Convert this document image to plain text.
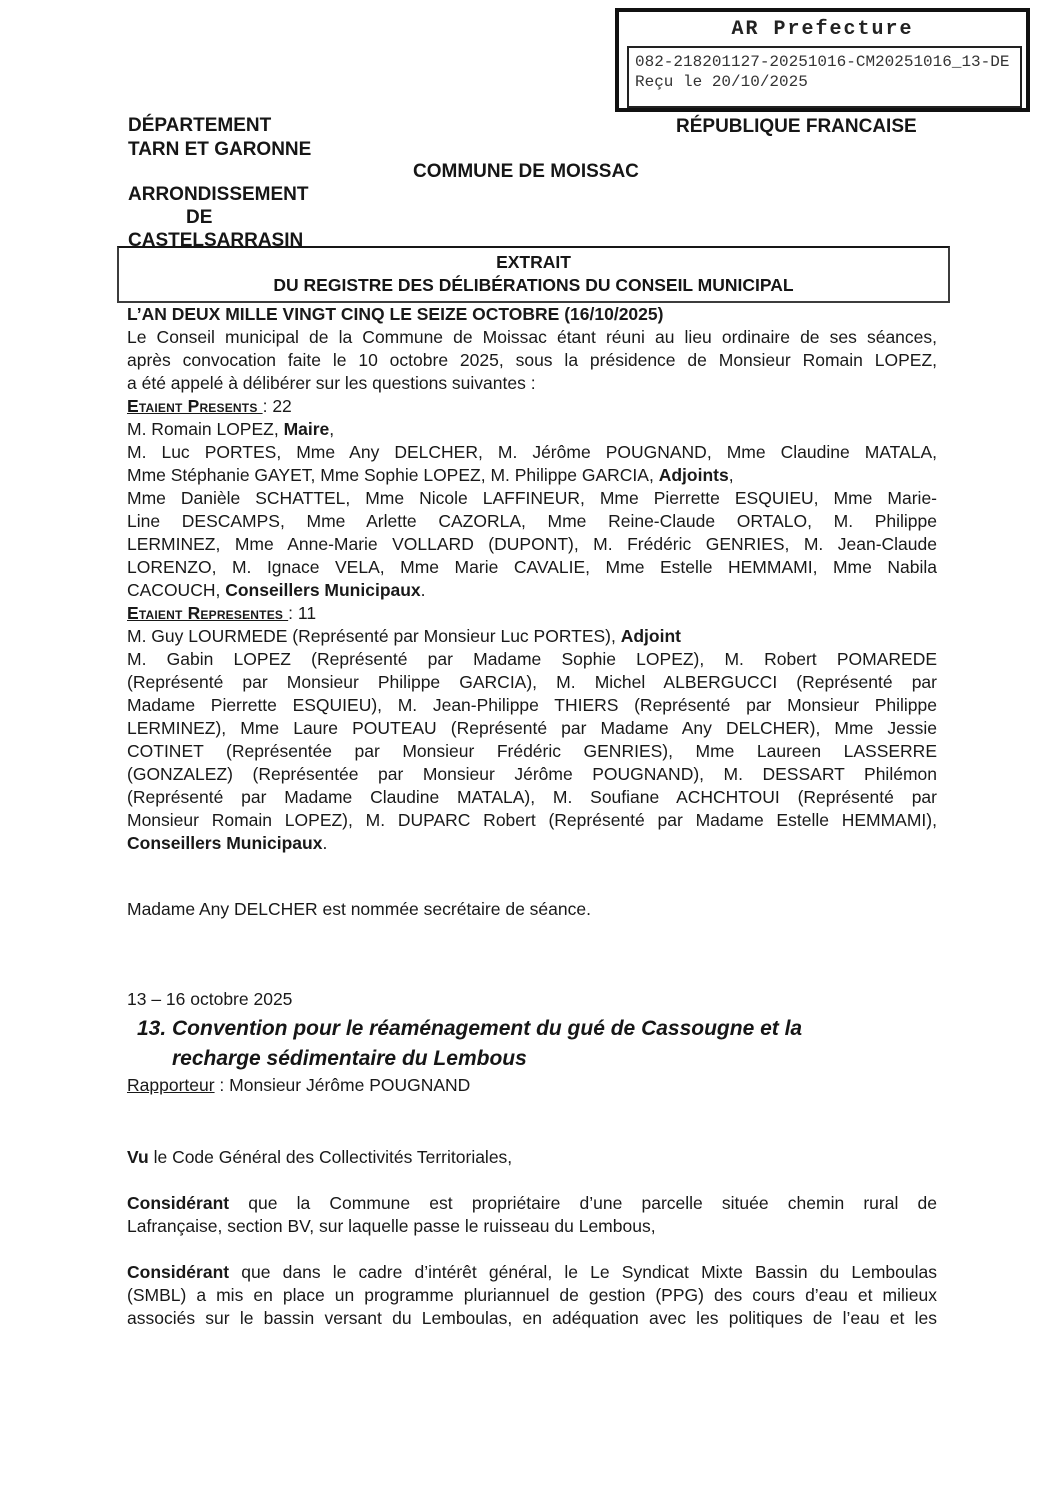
AR Prefecture
082-218201127-20251016-CM20251016_13-DE
Reçu le 20/10/2025
DÉPARTEMENT
TARN ET GARONNE
RÉPUBLIQUE FRANCAISE
COMMUNE DE MOISSAC
ARRONDISSEMENT
DE
CASTELSARRASIN
EXTRAIT
DU REGISTRE DES DÉLIBÉRATIONS DU CONSEIL MUNICIPAL
L’AN DEUX MILLE VINGT CINQ LE SEIZE OCTOBRE (16/10/2025)
Le Conseil municipal de la Commune de Moissac étant réuni au lieu ordinaire de ses séances,
après convocation faite le 10 octobre 2025, sous la présidence de Monsieur Romain LOPEZ,
a été appelé à délibérer sur les questions suivantes :
Etaient Presents : 22
M. Romain LOPEZ, Maire,
M. Luc PORTES, Mme Any DELCHER, M. Jérôme POUGNAND, Mme Claudine MATALA,
Mme Stéphanie GAYET, Mme Sophie LOPEZ, M. Philippe GARCIA, Adjoints,
Mme Danièle SCHATTEL, Mme Nicole LAFFINEUR, Mme Pierrette ESQUIEU, Mme Marie-
Line DESCAMPS, Mme Arlette CAZORLA, Mme Reine-Claude ORTALO, M. Philippe
LERMINEZ, Mme Anne-Marie VOLLARD (DUPONT), M. Frédéric GENRIES, M. Jean-Claude
LORENZO, M. Ignace VELA, Mme Marie CAVALIE, Mme Estelle HEMMAMI, Mme Nabila
CACOUCH, Conseillers Municipaux.
Etaient Representes : 11
M. Guy LOURMEDE (Représenté par Monsieur Luc PORTES), Adjoint
M. Gabin LOPEZ (Représenté par Madame Sophie LOPEZ), M. Robert POMAREDE
(Représenté par Monsieur Philippe GARCIA), M. Michel ALBERGUCCI (Représenté par
Madame Pierrette ESQUIEU), M. Jean-Philippe THIERS (Représenté par Monsieur Philippe
LERMINEZ), Mme Laure POUTEAU (Représenté par Madame Any DELCHER), Mme Jessie
COTINET (Représentée par Monsieur Frédéric GENRIES), Mme Laureen LASSERRE
(GONZALEZ) (Représentée par Monsieur Jérôme POUGNAND), M. DESSART Philémon
(Représenté par Madame Claudine MATALA), M. Soufiane ACHCHTOUI (Représenté par
Monsieur Romain LOPEZ), M. DUPARC Robert (Représenté par Madame Estelle HEMMAMI),
Conseillers Municipaux.
Madame Any DELCHER est nommée secrétaire de séance.
13 – 16 octobre 2025
13. Convention pour le réaménagement du gué de Cassougne et la
recharge sédimentaire du Lembous
Rapporteur : Monsieur Jérôme POUGNAND
Vu le Code Général des Collectivités Territoriales,
Considérant que la Commune est propriétaire d’une parcelle située chemin rural de
Lafrançaise, section BV, sur laquelle passe le ruisseau du Lembous,
Considérant que dans le cadre d’intérêt général, le Le Syndicat Mixte Bassin du Lemboulas
(SMBL) a mis en place un programme pluriannuel de gestion (PPG) des cours d’eau et milieux
associés sur le bassin versant du Lemboulas, en adéquation avec les politiques de l’eau et les
